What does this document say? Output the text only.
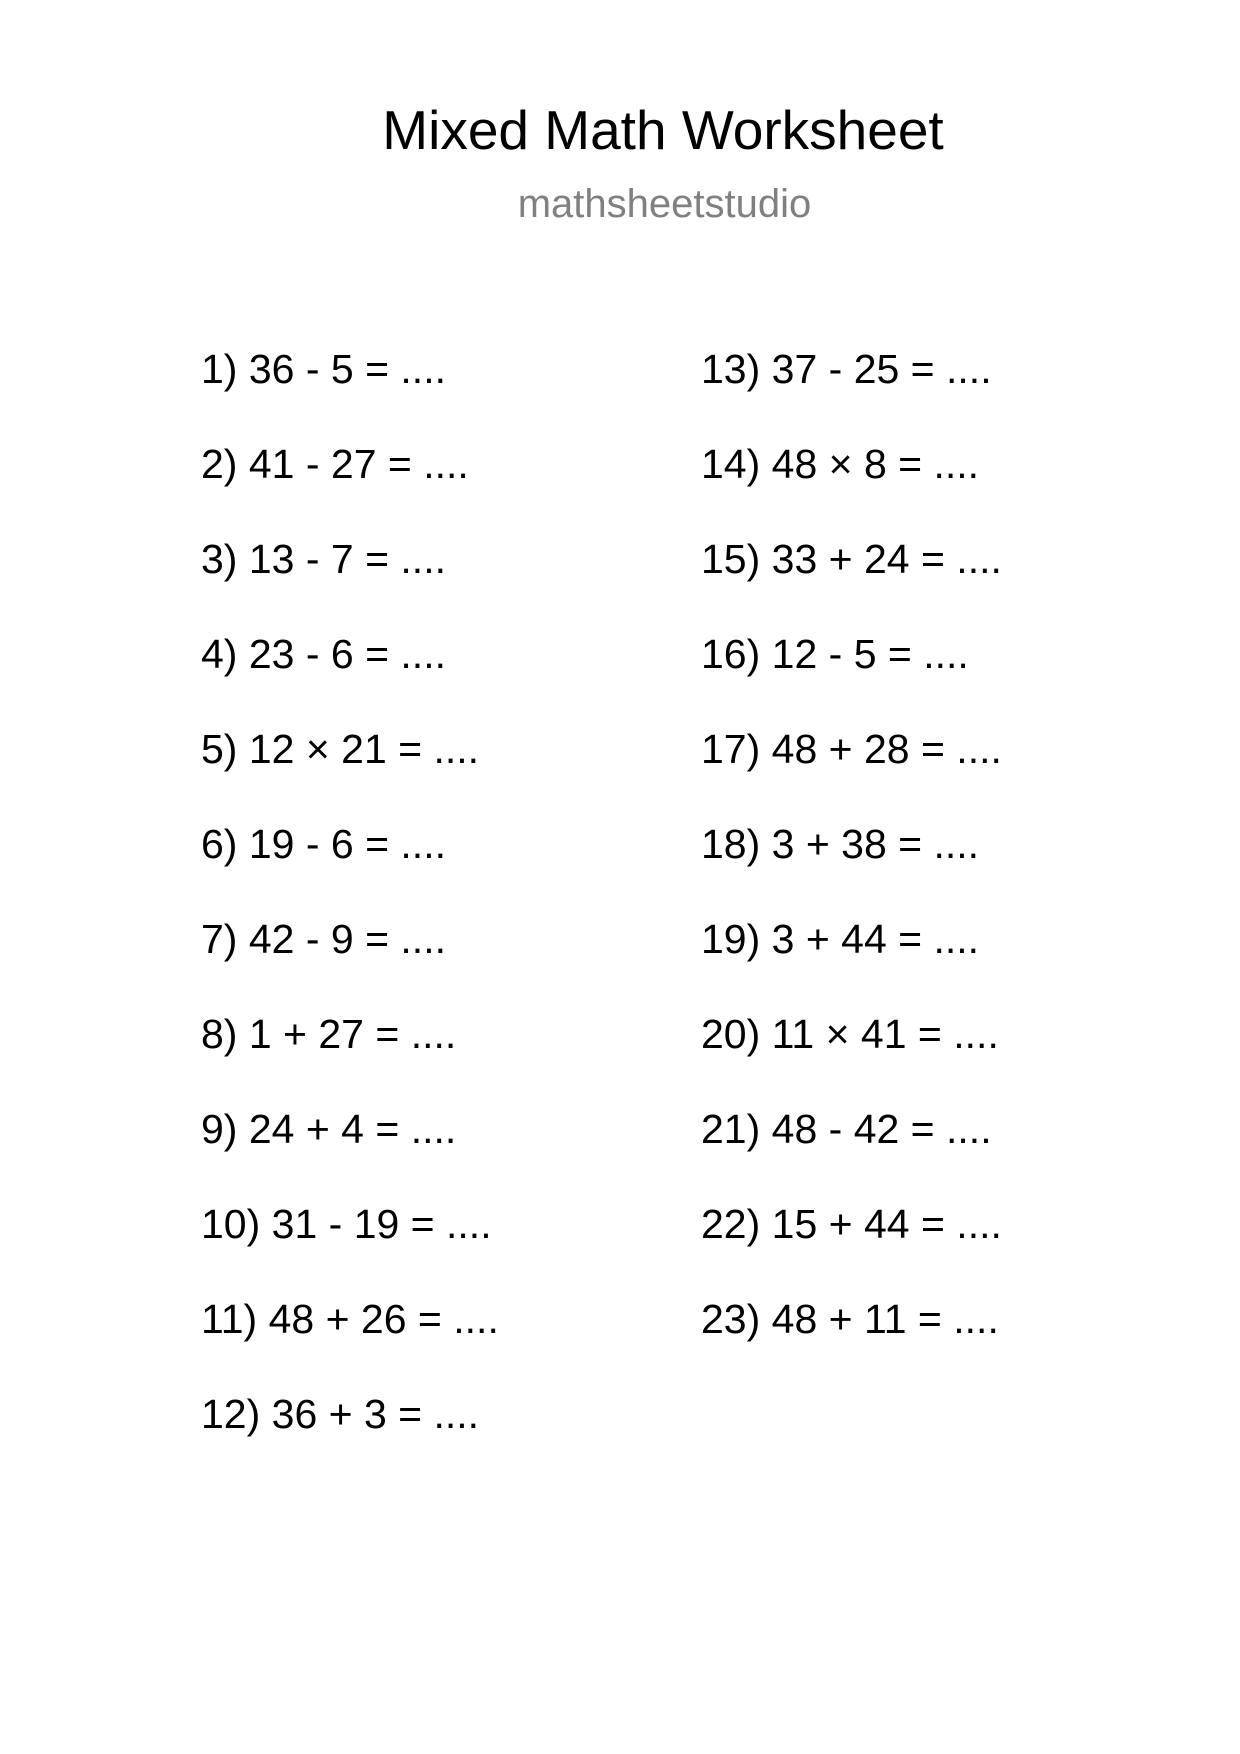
Mixed Math Worksheet
mathsheetstudio
1) 36 - 5 = ....
2) 41 - 27 = ....
3) 13 - 7 = ....
4) 23 - 6 = ....
5) 12 × 21 = ....
6) 19 - 6 = ....
7) 42 - 9 = ....
8) 1 + 27 = ....
9) 24 + 4 = ....
10) 31 - 19 = ....
11) 48 + 26 = ....
12) 36 + 3 = ....
13) 37 - 25 = ....
14) 48 × 8 = ....
15) 33 + 24 = ....
16) 12 - 5 = ....
17) 48 + 28 = ....
18) 3 + 38 = ....
19) 3 + 44 = ....
20) 11 × 41 = ....
21) 48 - 42 = ....
22) 15 + 44 = ....
23) 48 + 11 = ....
